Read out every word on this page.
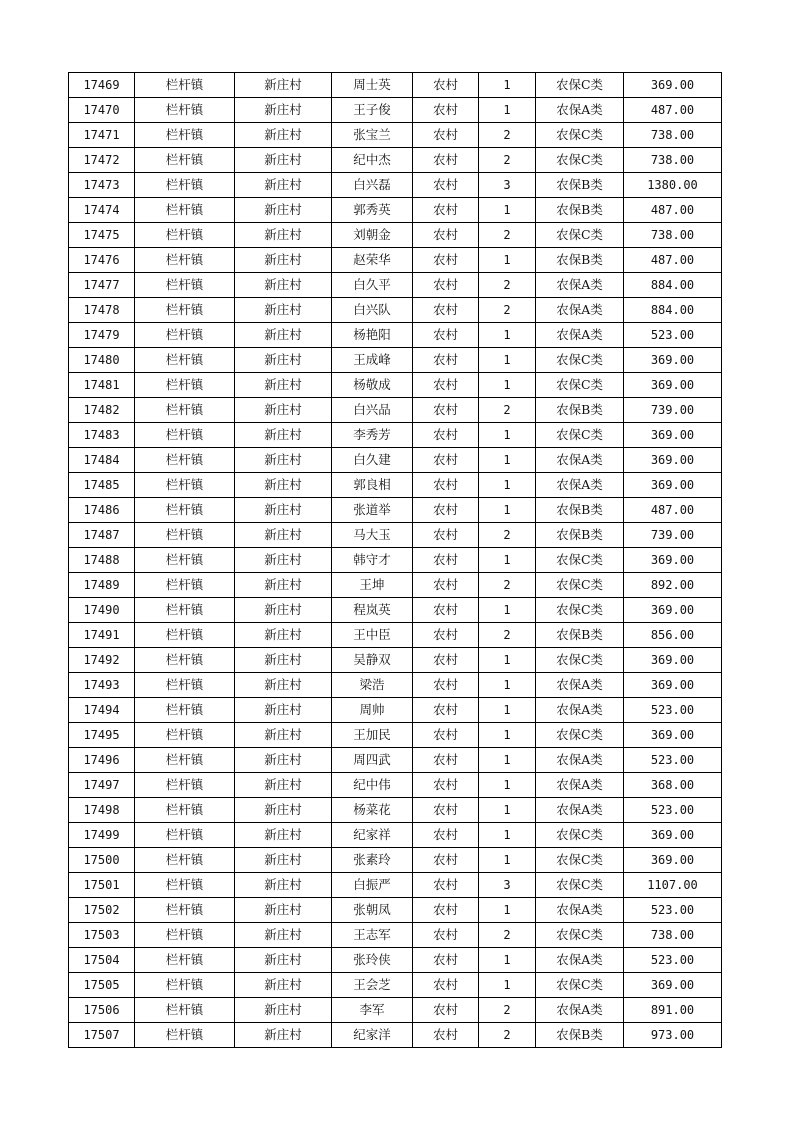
17469	栏杆镇	新庄村	周士英	农村	1	农保C类	369.00
17470	栏杆镇	新庄村	王子俊	农村	1	农保A类	487.00
17471	栏杆镇	新庄村	张宝兰	农村	2	农保C类	738.00
17472	栏杆镇	新庄村	纪中杰	农村	2	农保C类	738.00
17473	栏杆镇	新庄村	白兴磊	农村	3	农保B类	1380.00
17474	栏杆镇	新庄村	郭秀英	农村	1	农保B类	487.00
17475	栏杆镇	新庄村	刘朝金	农村	2	农保C类	738.00
17476	栏杆镇	新庄村	赵荣华	农村	1	农保B类	487.00
17477	栏杆镇	新庄村	白久平	农村	2	农保A类	884.00
17478	栏杆镇	新庄村	白兴队	农村	2	农保A类	884.00
17479	栏杆镇	新庄村	杨艳阳	农村	1	农保A类	523.00
17480	栏杆镇	新庄村	王成峰	农村	1	农保C类	369.00
17481	栏杆镇	新庄村	杨敬成	农村	1	农保C类	369.00
17482	栏杆镇	新庄村	白兴品	农村	2	农保B类	739.00
17483	栏杆镇	新庄村	李秀芳	农村	1	农保C类	369.00
17484	栏杆镇	新庄村	白久建	农村	1	农保A类	369.00
17485	栏杆镇	新庄村	郭良相	农村	1	农保A类	369.00
17486	栏杆镇	新庄村	张道举	农村	1	农保B类	487.00
17487	栏杆镇	新庄村	马大玉	农村	2	农保B类	739.00
17488	栏杆镇	新庄村	韩守才	农村	1	农保C类	369.00
17489	栏杆镇	新庄村	王坤	农村	2	农保C类	892.00
17490	栏杆镇	新庄村	程岚英	农村	1	农保C类	369.00
17491	栏杆镇	新庄村	王中臣	农村	2	农保B类	856.00
17492	栏杆镇	新庄村	吴静双	农村	1	农保C类	369.00
17493	栏杆镇	新庄村	梁浩	农村	1	农保A类	369.00
17494	栏杆镇	新庄村	周帅	农村	1	农保A类	523.00
17495	栏杆镇	新庄村	王加民	农村	1	农保C类	369.00
17496	栏杆镇	新庄村	周四武	农村	1	农保A类	523.00
17497	栏杆镇	新庄村	纪中伟	农村	1	农保A类	368.00
17498	栏杆镇	新庄村	杨菜花	农村	1	农保A类	523.00
17499	栏杆镇	新庄村	纪家祥	农村	1	农保C类	369.00
17500	栏杆镇	新庄村	张素玲	农村	1	农保C类	369.00
17501	栏杆镇	新庄村	白振严	农村	3	农保C类	1107.00
17502	栏杆镇	新庄村	张朝凤	农村	1	农保A类	523.00
17503	栏杆镇	新庄村	王志军	农村	2	农保C类	738.00
17504	栏杆镇	新庄村	张玲侠	农村	1	农保A类	523.00
17505	栏杆镇	新庄村	王会芝	农村	1	农保C类	369.00
17506	栏杆镇	新庄村	李军	农村	2	农保A类	891.00
17507	栏杆镇	新庄村	纪家洋	农村	2	农保B类	973.00
